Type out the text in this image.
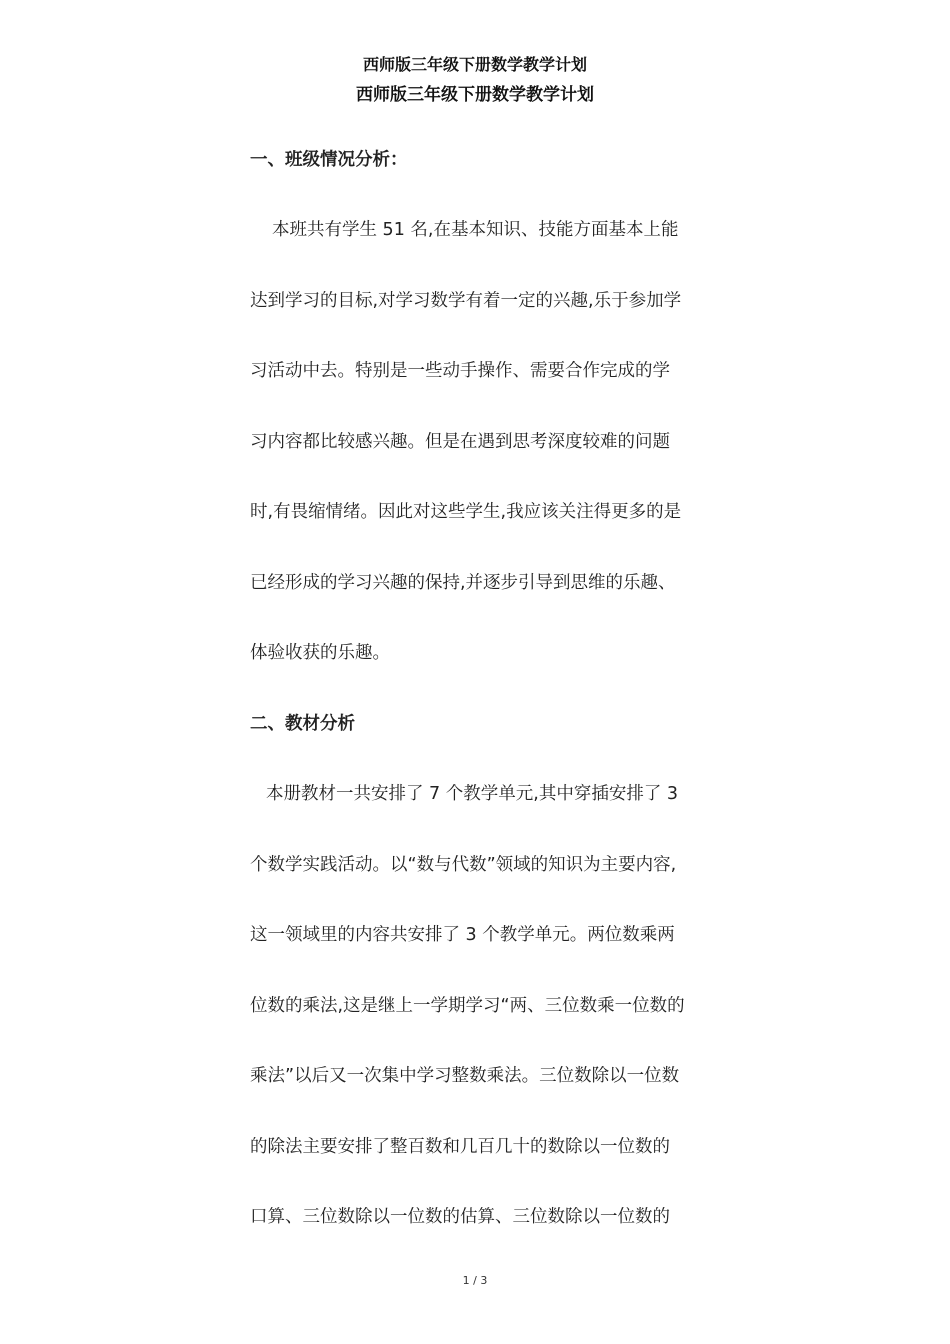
西师版三年级下册数学教学计划
西师版三年级下册数学教学计划
一、班级情况分析：
本班共有学生 51 名,在基本知识、技能方面基本上能
达到学习的目标,对学习数学有着一定的兴趣,乐于参加学
习活动中去。特别是一些动手操作、需要合作完成的学
习内容都比较感兴趣。但是在遇到思考深度较难的问题
时,有畏缩情绪。因此对这些学生,我应该关注得更多的是
已经形成的学习兴趣的保持,并逐步引导到思维的乐趣、
体验收获的乐趣。
二、教材分析
本册教材一共安排了 7 个教学单元,其中穿插安排了 3
个数学实践活动。以“数与代数”领域的知识为主要内容,
这一领域里的内容共安排了 3 个教学单元。两位数乘两
位数的乘法,这是继上一学期学习“两、三位数乘一位数的
乘法”以后又一次集中学习整数乘法。三位数除以一位数
的除法主要安排了整百数和几百几十的数除以一位数的
口算、三位数除以一位数的估算、三位数除以一位数的
1 / 3
